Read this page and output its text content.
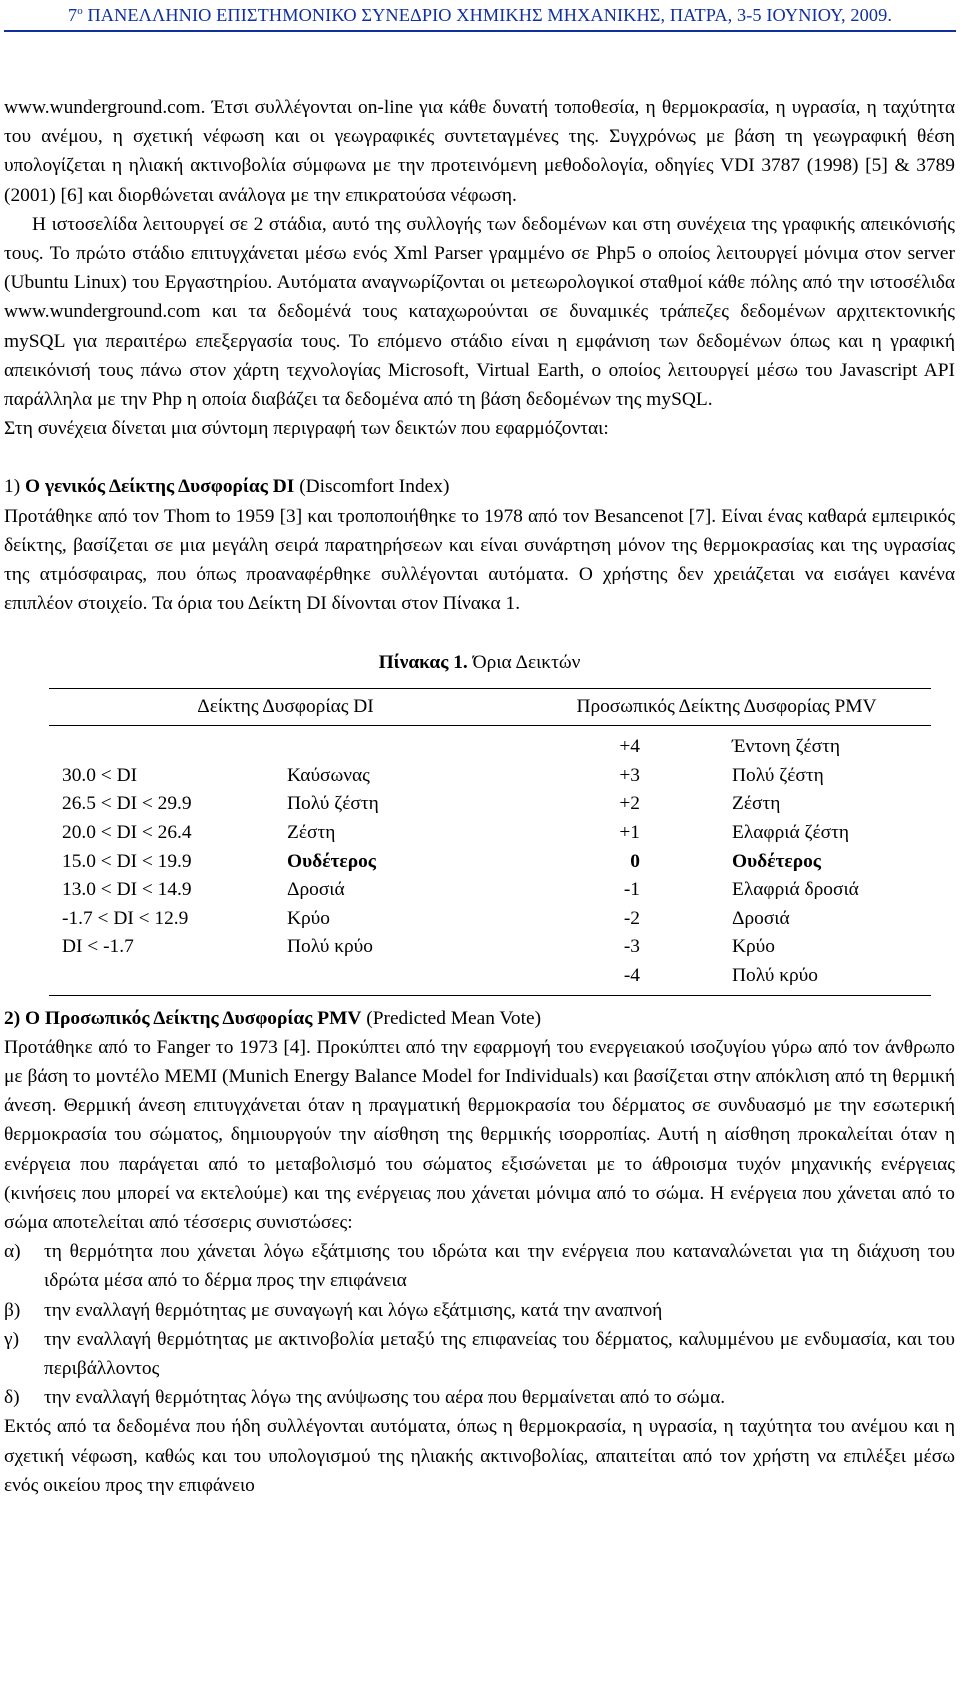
$7^o$ ΠΑΝΕΛΛΗΝΙΟ ΕΠΙΣΤΗΜΟΝΙΚΟ ΣΥΝΕΔΡΙΟ ΧΗΜΙΚΗΣ ΜΗΧΑΝΙΚΗΣ, ΠΑΤΡΑ, 3-5 ΙΟΥΝΙΟΥ, 2009.

www.wunderground.com. Έτσι συλλέγονται on-line για κάθε δυνατή τοποθεσία, η θερμοκρασία, η υγρασία, η ταχύτητα του ανέμου, η σχετική νέφωση και οι γεωγραφικές συντεταγμένες της. Συγχρόνως με βάση τη γεωγραφική θέση υπολογίζεται η ηλιακή ακτινοβολία σύμφωνα με την προτεινόμενη μεθοδολογία, οδηγίες VDI 3787 (1998) [5] & 3789 (2001) [6] και διορθώνεται ανάλογα με την επικρατούσα νέφωση.

Η ιστοσελίδα λειτουργεί σε 2 στάδια, αυτό της συλλογής των δεδομένων και στη συνέχεια της γραφικής απεικόνισής τους. Το πρώτο στάδιο επιτυγχάνεται μέσω ενός Xml Parser γραμμένο σε Php5 ο οποίος λειτουργεί μόνιμα στον server (Ubuntu Linux) του Εργαστηρίου. Αυτόματα αναγνωρίζονται οι μετεωρολογικοί σταθμοί κάθε πόλης από την ιστοσέλιδα www.wunderground.com και τα δεδομένά τους καταχωρούνται σε δυναμικές τράπεζες δεδομένων αρχιτεκτονικής mySQL για περαιτέρω επεξεργασία τους. Το επόμενο στάδιο είναι η εμφάνιση των δεδομένων όπως και η γραφική απεικόνισή τους πάνω στον χάρτη τεχνολογίας Microsoft, Virtual Earth, ο οποίος λειτουργεί μέσω του Javascript API παράλληλα με την Php η οποία διαβάζει τα δεδομένα από τη βάση δεδομένων της mySQL.

Στη συνέχεια δίνεται μια σύντομη περιγραφή των δεικτών που εφαρμόζονται:

1) Ο γενικός Δείκτης Δυσφορίας DI (Discomfort Index)

Προτάθηκε από τον Thom to 1959 [3] και τροποποιήθηκε το 1978 από τον Besancenot [7]. Είναι ένας καθαρά εμπειρικός δείκτης, βασίζεται σε μια μεγάλη σειρά παρατηρήσεων και είναι συνάρτηση μόνον της θερμοκρασίας και της υγρασίας της ατμόσφαιρας, που όπως προαναφέρθηκε συλλέγονται αυτόματα. Ο χρήστης δεν χρειάζεται να εισάγει κανένα επιπλέον στοιχείο. Τα όρια του Δείκτη DI δίνονται στον Πίνακα 1.

Πίνακας 1. Όρια Δεικτών

Δείκτης Δυσφορίας DI		Προσωπικός Δείκτης Δυσφορίας PMV	
		+4	Έντονη ζέστη
30.0 < DI	Καύσωνας	+3	Πολύ ζέστη
26.5 < DI < 29.9	Πολύ ζέστη	+2	Ζέστη
20.0 < DI < 26.4	Ζέστη	+1	Ελαφριά ζέστη
15.0 < DI < 19.9	Ουδέτερος	0	Ουδέτερος
13.0 < DI < 14.9	Δροσιά	-1	Ελαφριά δροσιά
-1.7 < DI < 12.9	Κρύο	-2	Δροσιά
DI < -1.7	Πολύ κρύο	-3	Κρύο
		-4	Πολύ κρύο

2) Ο Προσωπικός Δείκτης Δυσφορίας PMV (Predicted Mean Vote)

Προτάθηκε από το Fanger το 1973 [4]. Προκύπτει από την εφαρμογή του ενεργειακού ισοζυγίου γύρω από τον άνθρωπο με βάση το μοντέλο MEMI (Munich Energy Balance Model for Individuals) και βασίζεται στην απόκλιση από τη θερμική άνεση. Θερμική άνεση επιτυγχάνεται όταν η πραγματική θερμοκρασία του δέρματος σε συνδυασμό με την εσωτερική θερμοκρασία του σώματος, δημιουργούν την αίσθηση της θερμικής ισορροπίας. Αυτή η αίσθηση προκαλείται όταν η ενέργεια που παράγεται από το μεταβολισμό του σώματος εξισώνεται με το άθροισμα τυχόν μηχανικής ενέργειας (κινήσεις που μπορεί να εκτελούμε) και της ενέργειας που χάνεται μόνιμα από το σώμα. Η ενέργεια που χάνεται από το σώμα αποτελείται από τέσσερις συνιστώσες:

α)	τη θερμότητα που χάνεται λόγω εξάτμισης του ιδρώτα και την ενέργεια που καταναλώνεται για τη διάχυση του ιδρώτα μέσα από το δέρμα προς την επιφάνεια
β)	την εναλλαγή θερμότητας με συναγωγή και λόγω εξάτμισης, κατά την αναπνοή
γ)	την εναλλαγή θερμότητας με ακτινοβολία μεταξύ της επιφανείας του δέρματος, καλυμμένου με ενδυμασία, και του περιβάλλοντος
δ)	την εναλλαγή θερμότητας λόγω της ανύψωσης του αέρα που θερμαίνεται από το σώμα.

Εκτός από τα δεδομένα που ήδη συλλέγονται αυτόματα, όπως η θερμοκρασία, η υγρασία, η ταχύτητα του ανέμου και η σχετική νέφωση, καθώς και του υπολογισμού της ηλιακής ακτινοβολίας, απαιτείται από τον χρήστη να επιλέξει μέσω ενός οικείου προς την επιφάνειο
